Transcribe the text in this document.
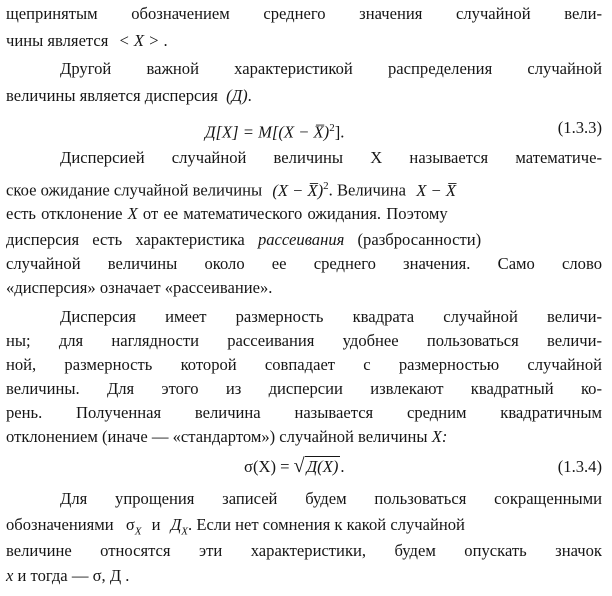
щепринятым обозначением среднего значения случайной вели-
чины является < X > .
Другой важной характеристикой распределения случайной
величины является дисперсия (Д).
Д[X] = M[(X − X̅)$^2$].	(1.3.3)
Дисперсией случайной величины X называется математиче-
ское ожидание случайной величины (X − X̅)$^2$. Величина X − X̅
есть отклонение X от ее математического ожидания. Поэтому
дисперсия есть характеристика рассеивания (разбросанности)
случайной величины около ее среднего значения. Само слово
«дисперсия» означает «рассеивание».
Дисперсия имеет размерность квадрата случайной величи-
ны; для наглядности рассеивания удобнее пользоваться величи-
ной, размерность которой совпадает с размерностью случайной
величины. Для этого из дисперсии извлекают квадратный ко-
рень. Полученная величина называется средним квадратичным
отклонением (иначе — «стандартом») случайной величины X:
σ(X) = √ Д(X) .	(1.3.4)
Для упрощения записей будем пользоваться сокращенными
обозначениями $\sigma_X$ и $Д_X$. Если нет сомнения к какой случайной
величине относятся эти характеристики, будем опускать значок
x и тогда — σ, Д .
